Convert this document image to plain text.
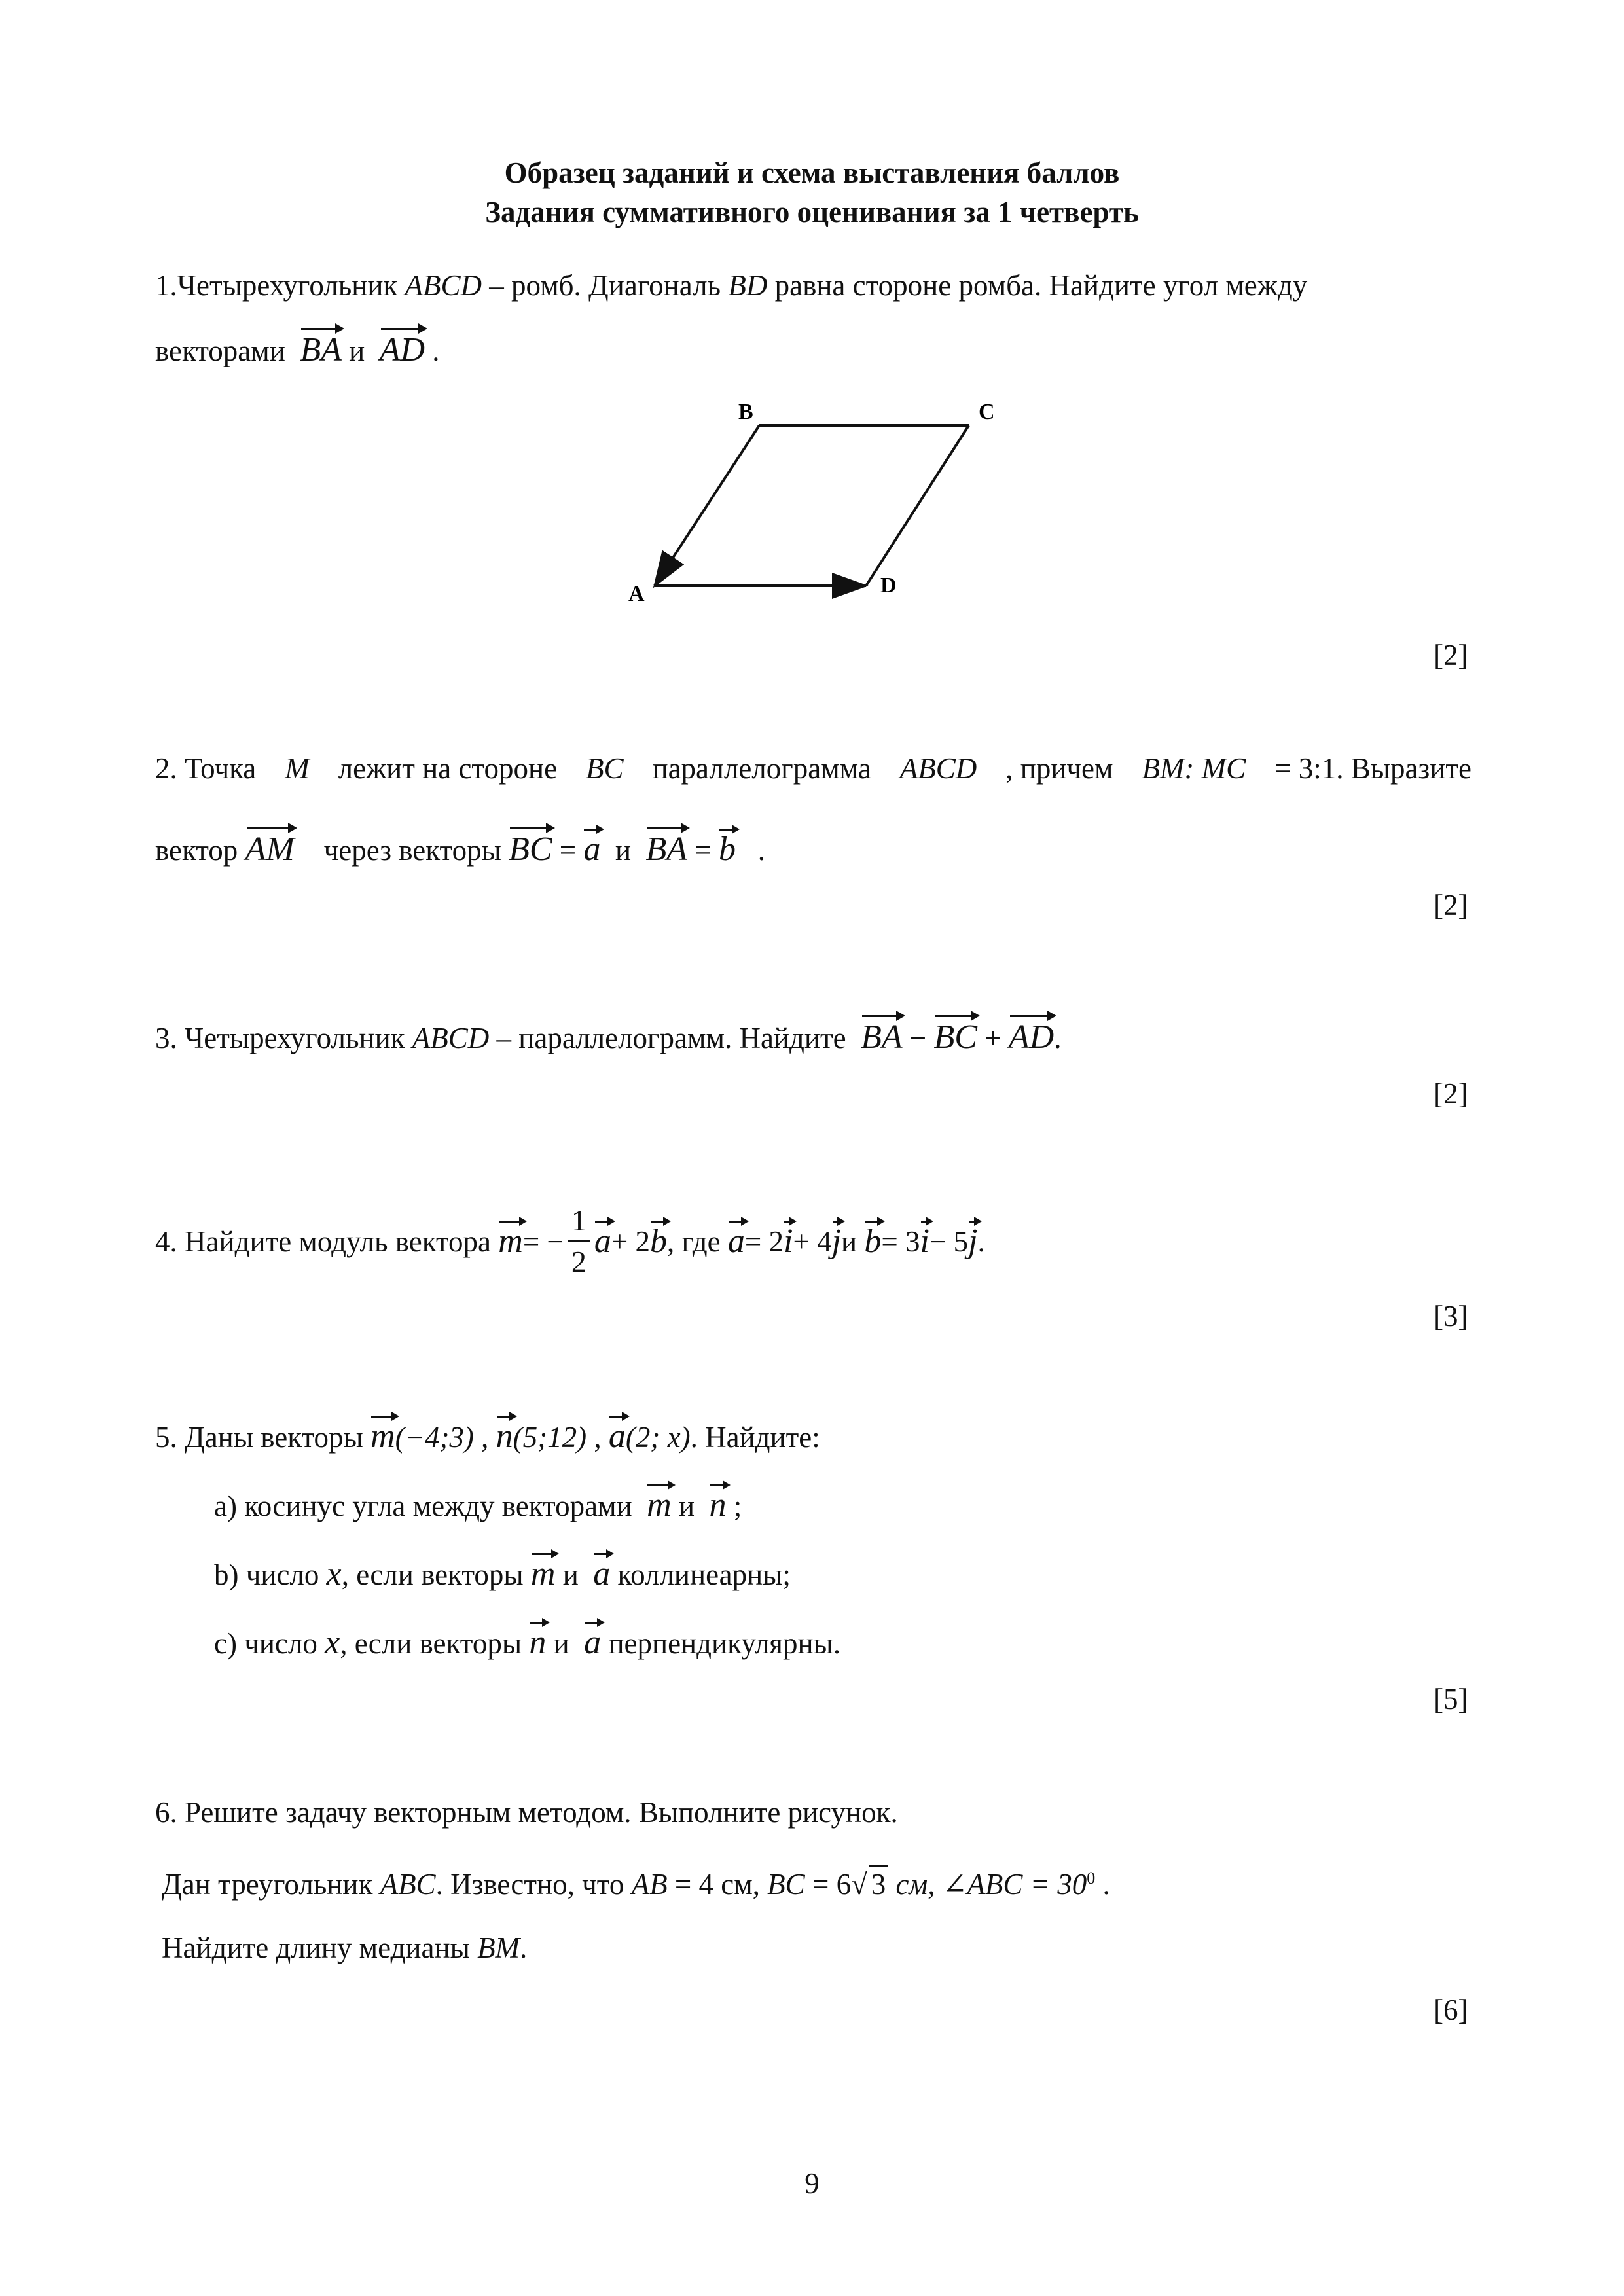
Образец заданий и схема выставления баллов
Задания суммативного оценивания за 1 четверть
1.Четырехугольник ABCD – ромб. Диагональ BD равна стороне ромба. Найдите угол между
векторами  BA и  AD .
B	C
A	D
[2]
2. Точка M лежит на стороне BC параллелограмма ABCD , причем BM: MC = 3:1. Выразите
вектор AM через векторы BC = a  и  BA = b .
[2]
3. Четырехугольник ABCD – параллелограмм. Найдите  BA − BC + AD.
[2]
4. Найдите модуль вектора
m = − $\frac{1}{2}$ a + 2 b , где
a = 2 i + 4 j и
b = 3 i − 5 j .
[3]
5. Даны векторы m(−4;3) , n(5;12) , a(2; x). Найдите:
a) косинус угла между векторами  m и  n ;
b) число x, если векторы m и  a коллинеарны;
c) число x, если векторы n и  a перпендикулярны.
[5]
6. Решите задачу векторным методом. Выполните рисунок.
Дан треугольник ABC. Известно, что AB = 4 см, BC = 6√ 3 см, ∠ABC = $30^0$ .
Найдите длину медианы BM.
[6]
9
